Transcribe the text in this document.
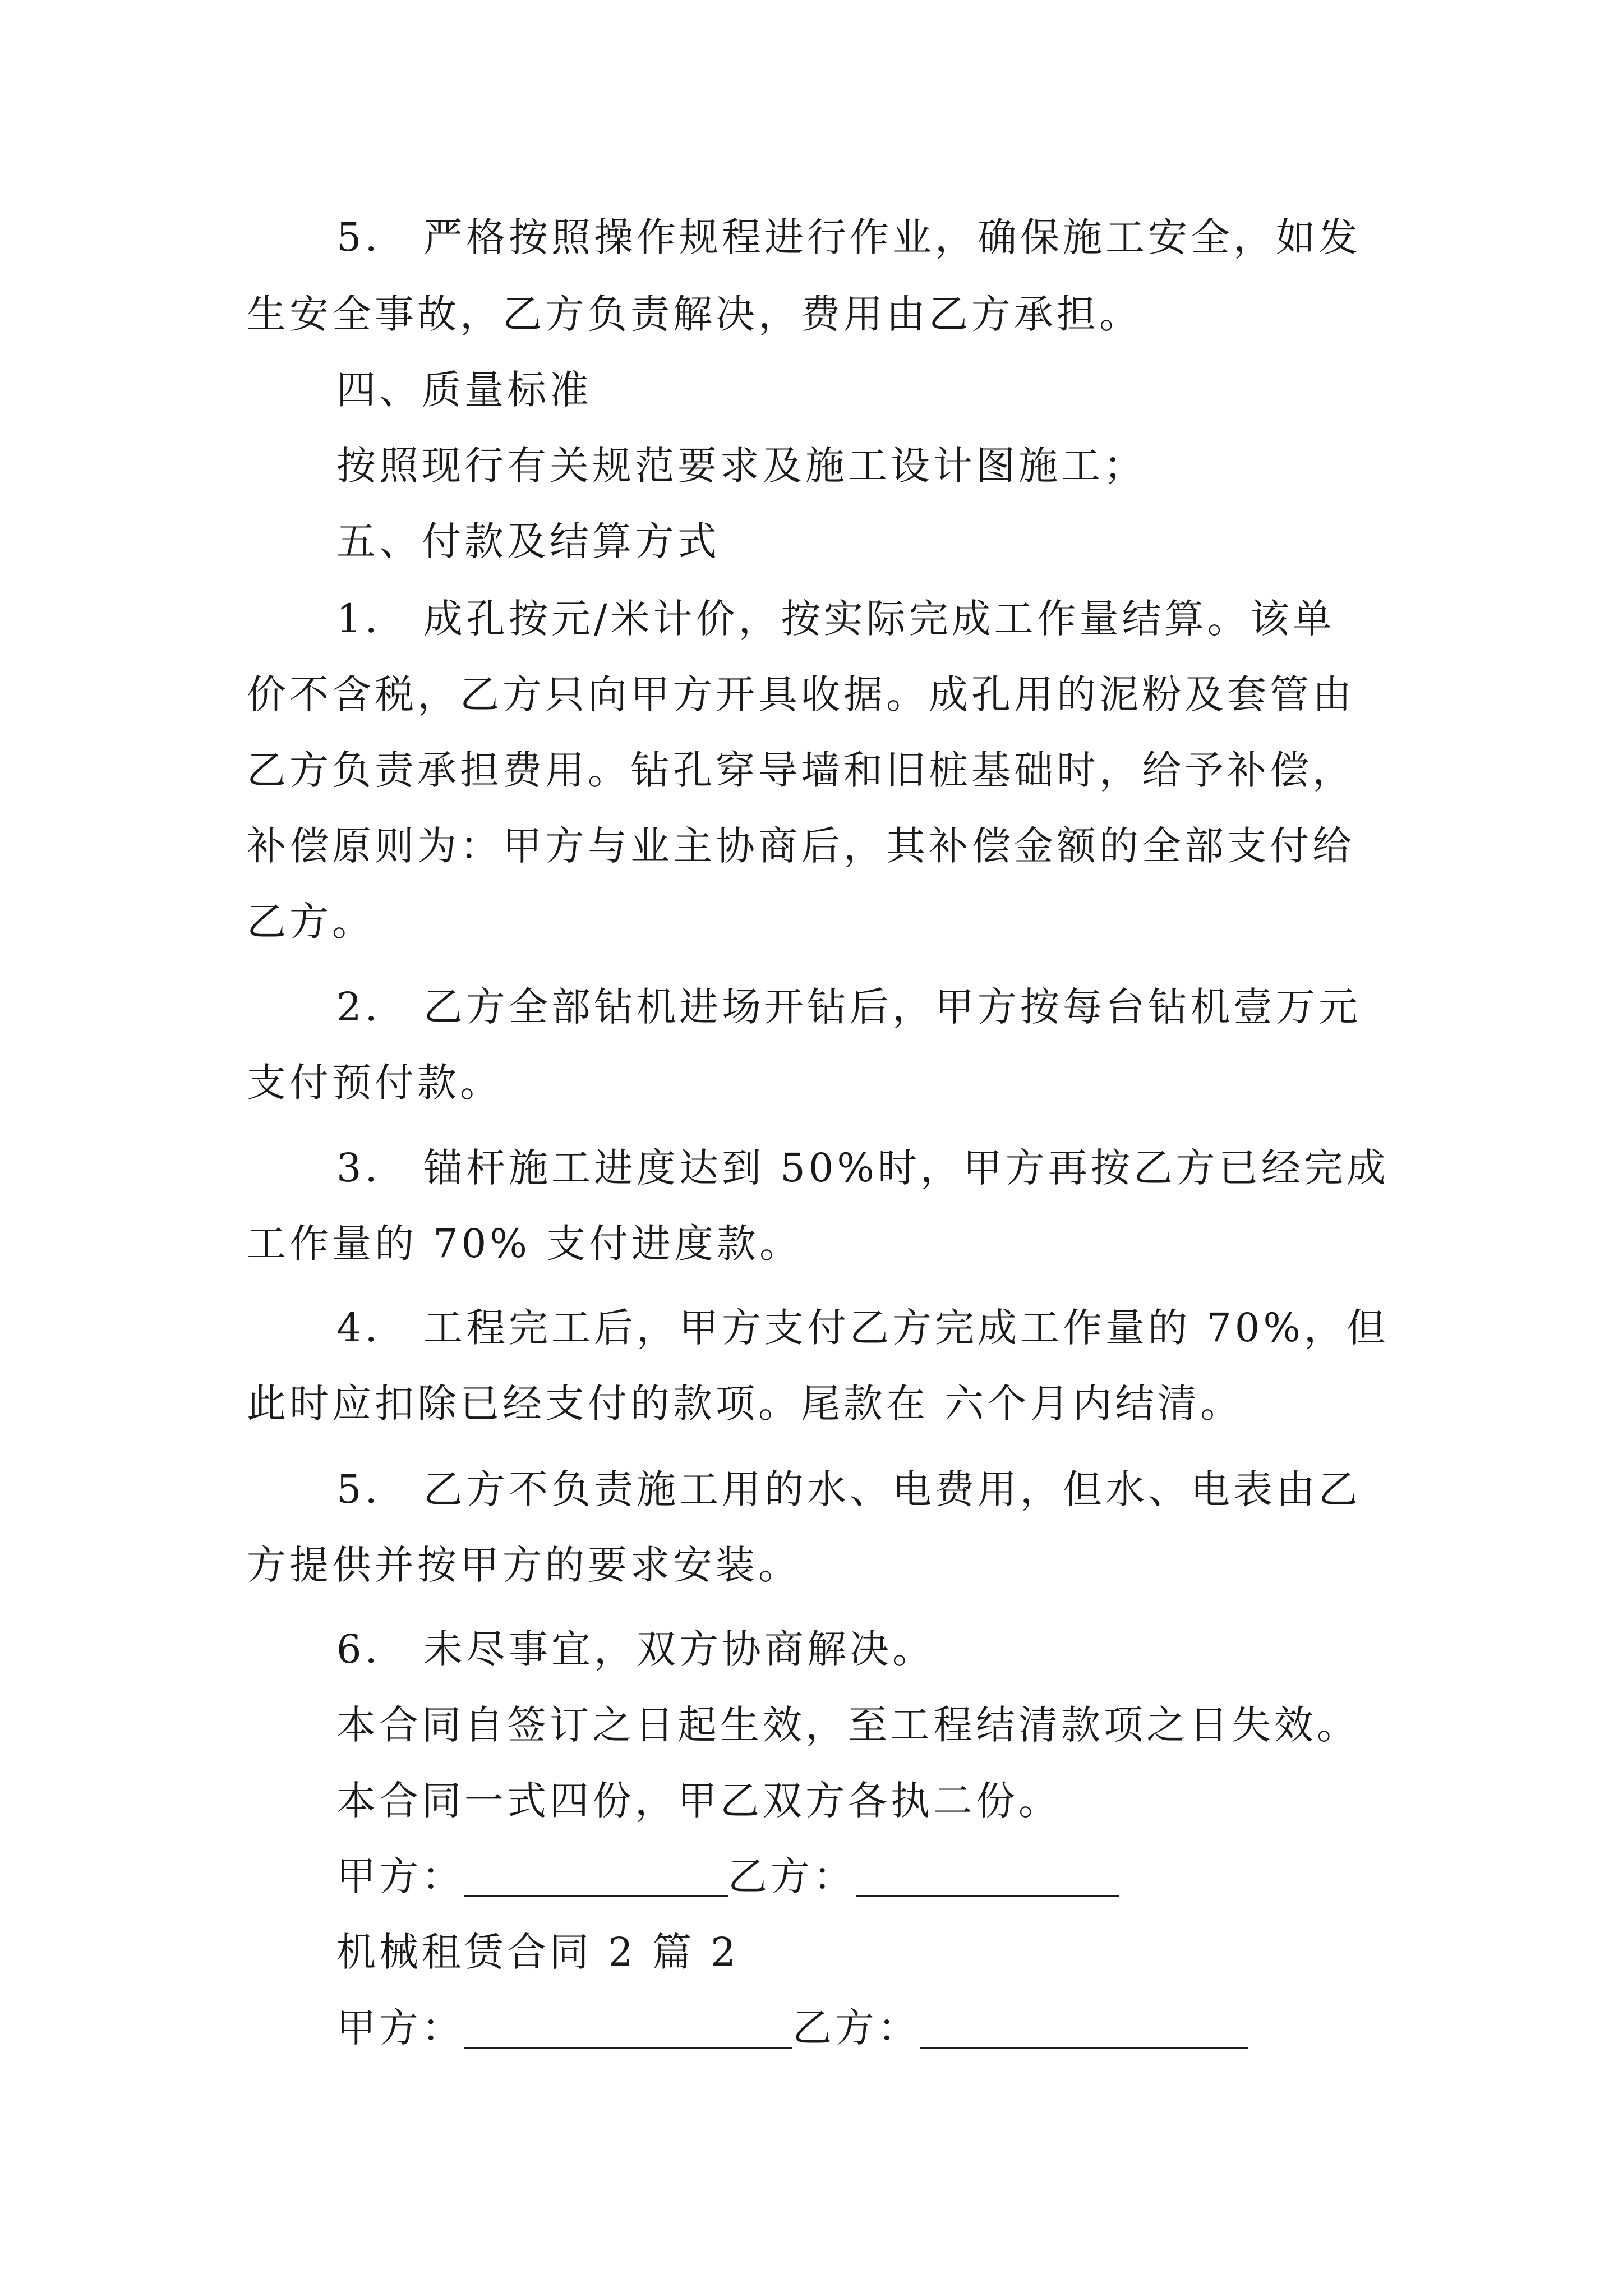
5. 严格按照操作规程进行作业，确保施工安全，如发
生安全事故，乙方负责解决，费用由乙方承担。
四、质量标准
按照现行有关规范要求及施工设计图施工；
五、付款及结算方式
1. 成孔按元/米计价，按实际完成工作量结算。该单
价不含税，乙方只向甲方开具收据。成孔用的泥粉及套管由
乙方负责承担费用。钻孔穿导墙和旧桩基础时，给予补偿，
补偿原则为：甲方与业主协商后，其补偿金额的全部支付给
乙方。
2. 乙方全部钻机进场开钻后，甲方按每台钻机壹万元
支付预付款。
3. 锚杆施工进度达到 50%时，甲方再按乙方已经完成
工作量的 70% 支付进度款。
4. 工程完工后，甲方支付乙方完成工作量的 70%，但
此时应扣除已经支付的款项。尾款在 六个月内结清。
5. 乙方不负责施工用的水、电费用，但水、电表由乙
方提供并按甲方的要求安装。
6. 未尽事宜，双方协商解决。
本合同自签订之日起生效，至工程结清款项之日失效。
本合同一式四份，甲乙双方各执二份。
甲方：	乙方：
机械租赁合同 2 篇 2
甲方：	乙方：
